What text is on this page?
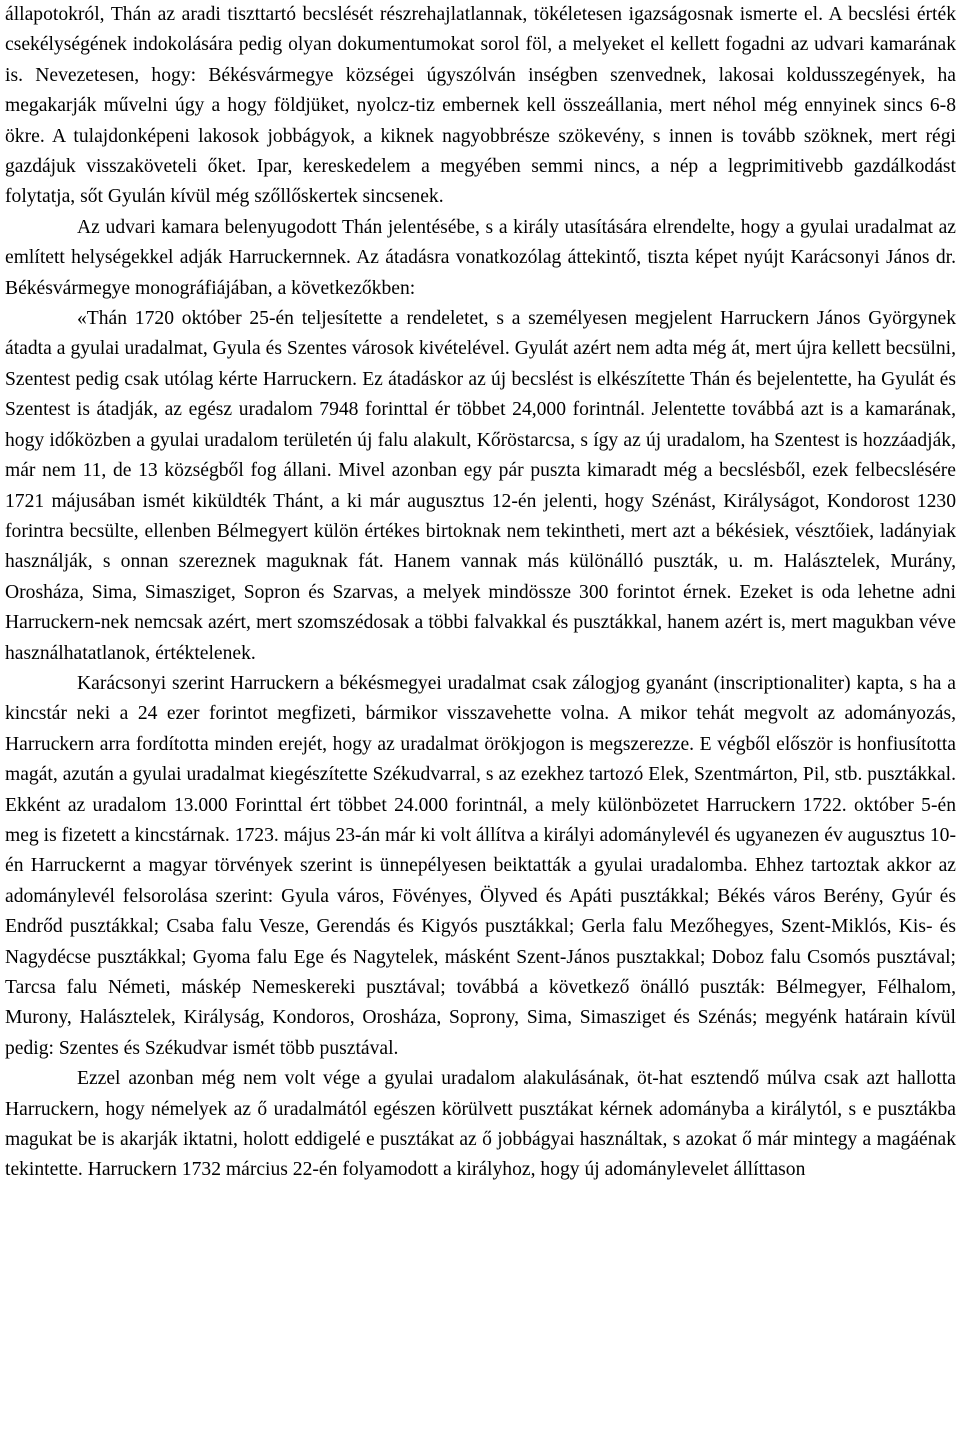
állapotokról, Thán az aradi tiszttartó becslését részrehajlatlannak, tökéletesen igazságosnak ismerte el. A becslési érték csekélységének indokolására pedig olyan dokumentumokat sorol föl, a melyeket el kellett fogadni az udvari kamarának is. Nevezetesen, hogy: Békésvármegye községei úgyszólván inségben szenvednek, lakosai koldusszegények, ha megakarják művelni úgy a hogy földjüket, nyolcz-tiz embernek kell összeállania, mert néhol még ennyinek sincs 6-8 ökre. A tulajdonképeni lakosok jobbágyok, a kiknek nagyobbrésze szökevény, s innen is tovább szöknek, mert régi gazdájuk visszaköveteli őket. Ipar, kereskedelem a megyében semmi nincs, a nép a legprimitivebb gazdálkodást folytatja, sőt Gyulán kívül még szőllőskertek sincsenek.

Az udvari kamara belenyugodott Thán jelentésébe, s a király utasítására elrendelte, hogy a gyulai uradalmat az említett helységekkel adják Harruckernnek. Az átadásra vonatkozólag áttekintő, tiszta képet nyújt Karácsonyi János dr. Békésvármegye monográfiájában, a következőkben:

«Thán 1720 október 25-én teljesítette a rendeletet, s a személyesen megjelent Harruckern János Györgynek átadta a gyulai uradalmat, Gyula és Szentes városok kivételével. Gyulát azért nem adta még át, mert újra kellett becsülni, Szentest pedig csak utólag kérte Harruckern. Ez átadáskor az új becslést is elkészítette Thán és bejelentette, ha Gyulát és Szentest is átadják, az egész uradalom 7948 forinttal ér többet 24,000 forintnál. Jelentette továbbá azt is a kamarának, hogy időközben a gyulai uradalom területén új falu alakult, Kőröstarcsa, s így az új uradalom, ha Szentest is hozzáadják, már nem 11, de 13 községből fog állani. Mivel azonban egy pár puszta kimaradt még a becslésből, ezek felbecslésére 1721 májusában ismét kiküldték Thánt, a ki már augusztus 12-én jelenti, hogy Szénást, Királyságot, Kondorost 1230 forintra becsülte, ellenben Bélmegyert külön értékes birtoknak nem tekintheti, mert azt a békésiek, vésztőiek, ladányiak használják, s onnan szereznek maguknak fát. Hanem vannak más különálló puszták, u. m. Halásztelek, Murány, Orosháza, Sima, Simasziget, Sopron és Szarvas, a melyek mindössze 300 forintot érnek. Ezeket is oda lehetne adni Harruckern-nek nemcsak azért, mert szomszédosak a többi falvakkal és pusztákkal, hanem azért is, mert magukban véve használhatatlanok, értéktelenek.

Karácsonyi szerint Harruckern a békésmegyei uradalmat csak zálogjog gyanánt (inscriptionaliter) kapta, s ha a kincstár neki a 24 ezer forintot megfizeti, bármikor visszavehette volna. A mikor tehát megvolt az adományozás, Harruckern arra fordította minden erejét, hogy az uradalmat örökjogon is megszerezze. E végből először is honfiusította magát, azután a gyulai uradalmat kiegészítette Székudvarral, s az ezekhez tartozó Elek, Szentmárton, Pil, stb. pusztákkal. Ekként az uradalom 13.000 Forinttal ért többet 24.000 forintnál, a mely különbözetet Harruckern 1722. október 5-én meg is fizetett a kincstárnak. 1723. május 23-án már ki volt állítva a királyi adománylevél és ugyanezen év augusztus 10-én Harruckernt a magyar törvények szerint is ünnepélyesen beiktatták a gyulai uradalomba. Ehhez tartoztak akkor az adománylevél felsorolása szerint: Gyula város, Fövényes, Ölyved és Apáti pusztákkal; Békés város Berény, Gyúr és Endrőd pusztákkal; Csaba falu Vesze, Gerendás és Kigyós pusztákkal; Gerla falu Mezőhegyes, Szent-Miklós, Kis- és Nagydécse pusztákkal; Gyoma falu Ege és Nagytelek, másként Szent-János pusztakkal; Doboz falu Csomós pusztával; Tarcsa falu Németi, máskép Nemeskereki pusztával; továbbá a következő önálló puszták: Bélmegyer, Félhalom, Murony, Halásztelek, Királyság, Kondoros, Orosháza, Soprony, Sima, Simasziget és Szénás; megyénk határain kívül pedig: Szentes és Székudvar ismét több pusztával.

Ezzel azonban még nem volt vége a gyulai uradalom alakulásának, öt-hat esztendő múlva csak azt hallotta Harruckern, hogy némelyek az ő uradalmától egészen körülvett pusztákat kérnek adományba a királytól, s e pusztákba magukat be is akarják iktatni, holott eddigelé e pusztákat az ő jobbágyai használtak, s azokat ő már mintegy a magáénak tekintette. Harruckern 1732 március 22-én folyamodott a királyhoz, hogy új adománylevelet állíttason
